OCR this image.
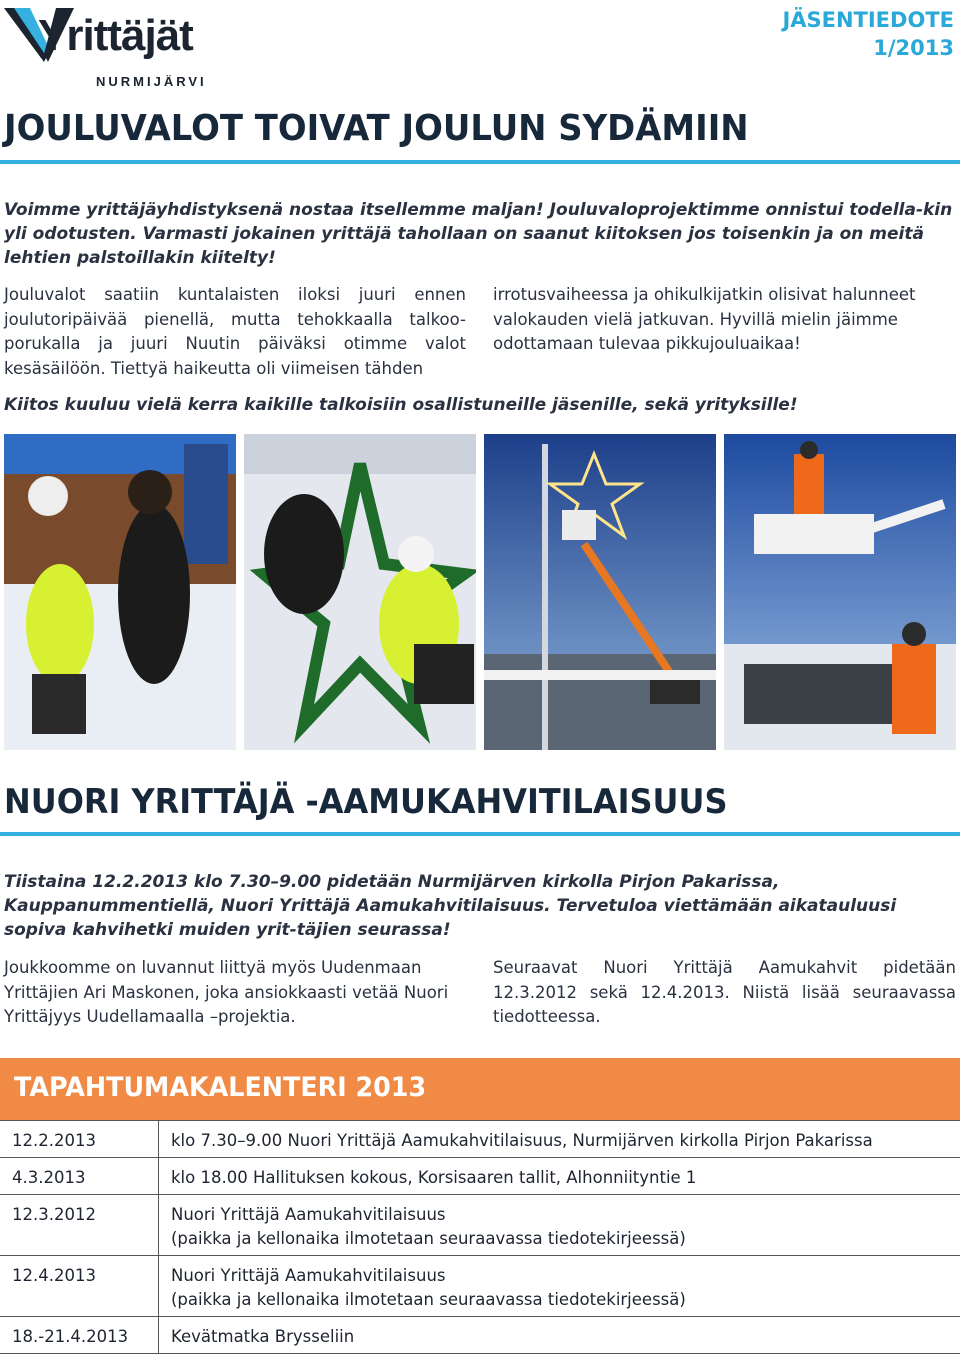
Yrittäjät
NURMIJÄRVI
JÄSENTIEDOTE
1/2013
JOULUVALOT TOIVAT JOULUN SYDÄMIIN
Voimme yrittäjäyhdistyksenä nostaa itsellemme maljan! Jouluvaloprojektimme onnistui todella-kin yli odotusten. Varmasti jokainen yrittäjä tahollaan on saanut kiitoksen jos toisenkin ja on meitä lehtien palstoillakin kiitelty!
Jouluvalot saatiin kuntalaisten iloksi juuri ennen joulutoripäivää pienellä, mutta tehokkaalla talkoo-porukalla ja juuri Nuutin päiväksi otimme valot kesäsäilöön. Tiettyä haikeutta oli viimeisen tähden
irrotusvaiheessa ja ohikulkijatkin olisivat halunneet valokauden vielä jatkuvan. Hyvillä mielin jäimme odottamaan tulevaa pikkujouluaikaa!
Kiitos kuuluu vielä kerra kaikille talkoisiin osallistuneille jäsenille, sekä yrityksille!
NUORI YRITTÄJÄ -AAMUKAHVITILAISUUS
Tiistaina 12.2.2013 klo 7.30–9.00 pidetään Nurmijärven kirkolla Pirjon Pakarissa, Kauppanummentiellä, Nuori Yrittäjä Aamukahvitilaisuus. Tervetuloa viettämään aikatauluusi sopiva kahvihetki muiden yrit-täjien seurassa!
Joukkoomme on luvannut liittyä myös Uudenmaan Yrittäjien Ari Maskonen, joka ansiokkaasti vetää Nuori Yrittäjyys Uudellamaalla –projektia.
Seuraavat Nuori Yrittäjä Aamukahvit pidetään 12.3.2012 sekä 12.4.2013. Niistä lisää seuraavassa tiedotteessa.
TAPAHTUMAKALENTERI 2013
12.2.2013	klo 7.30–9.00 Nuori Yrittäjä Aamukahvitilaisuus, Nurmijärven kirkolla Pirjon Pakarissa

4.3.2013	klo 18.00 Hallituksen kokous, Korsisaaren tallit, Alhonniityntie 1

12.3.2012	Nuori Yrittäjä Aamukahvitilaisuus
(paikka ja kellonaika ilmotetaan seuraavassa tiedotekirjeessä)

12.4.2013	Nuori Yrittäjä Aamukahvitilaisuus
(paikka ja kellonaika ilmotetaan seuraavassa tiedotekirjeessä)

18.-21.4.2013	Kevätmatka Brysseliin
